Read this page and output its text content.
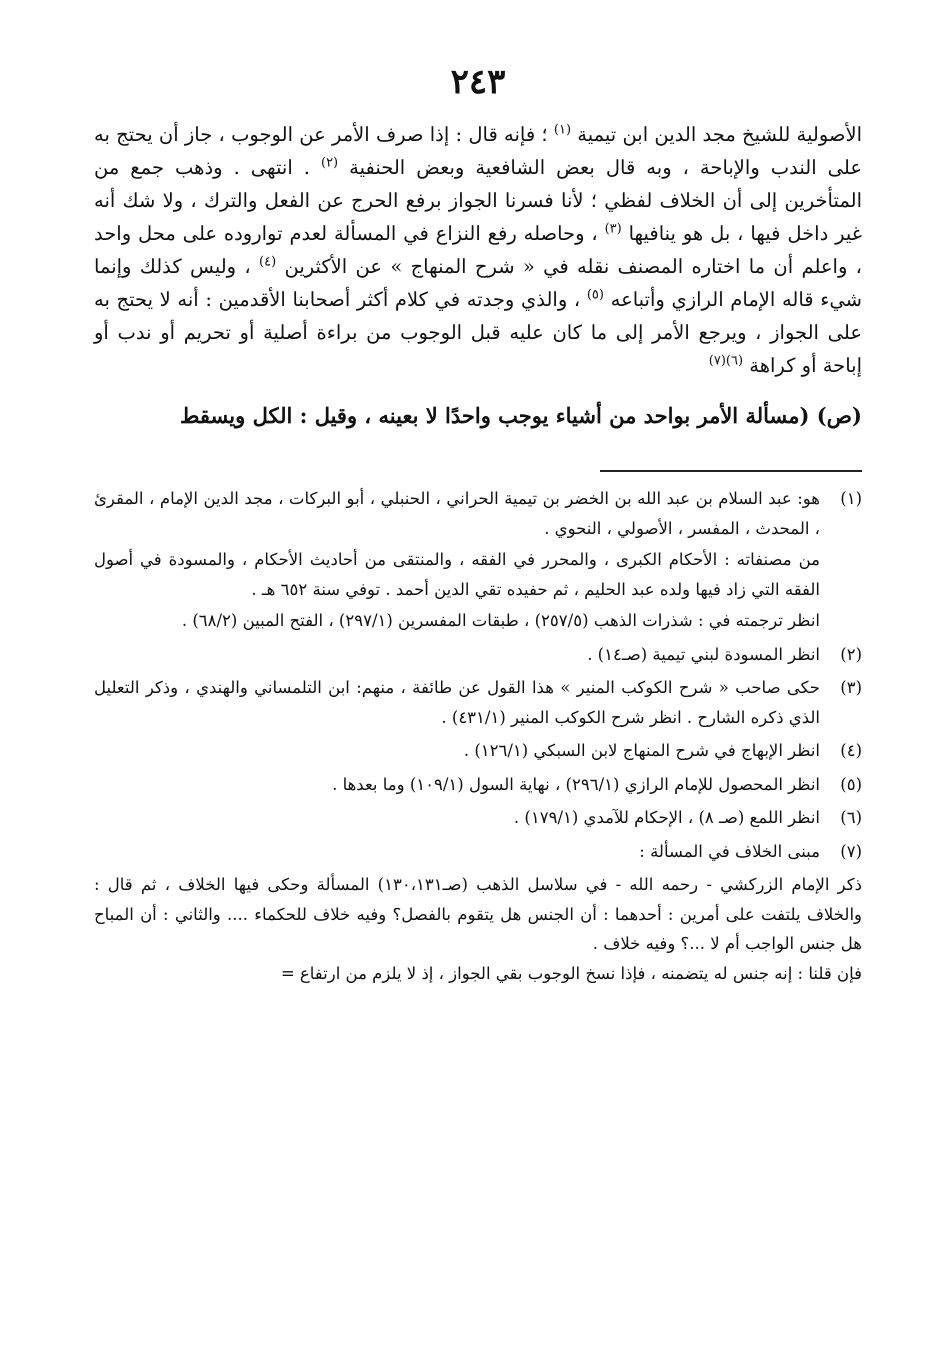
٢٤٣

الأصولية للشيخ مجد الدين ابن تيمية $^{(١)}$ ؛ فإنه قال : إذا صرف الأمر عن الوجوب ، جاز أن يحتج به على الندب والإباحة ، وبه قال بعض الشافعية وبعض الحنفية $^{(٢)}$ . انتهى . وذهب جمع من المتأخرين إلى أن الخلاف لفظي ؛ لأنا فسرنا الجواز برفع الحرج عن الفعل والترك ، ولا شك أنه غير داخل فيها ، بل هو ينافيها $^{(٣)}$ ، وحاصله رفع النزاع في المسألة لعدم تواروده على محل واحد ، واعلم أن ما اختاره المصنف نقله في « شرح المنهاج » عن الأكثرين $^{(٤)}$ ، وليس كذلك وإنما شيء قاله الإمام الرازي وأتباعه $^{(٥)}$ ، والذي وجدته في كلام أكثر أصحابنا الأقدمين : أنه لا يحتج به على الجواز ، ويرجع الأمر إلى ما كان عليه قبل الوجوب من براءة أصلية أو تحريم أو ندب أو إباحة أو كراهة $^{(٦)(٧)}$

(ص) (مسألة الأمر بواحد من أشياء يوجب واحدًا لا بعينه ، وقيل : الكل ويسقط
(١)

هو: عبد السلام بن عبد الله بن الخضر بن تيمية الحراني ، الحنبلي ، أبو البركات ، مجد الدين الإمام ، المقرئ ، المحدث ، المفسر ، الأصولي ، النحوي .

من مصنفاته : الأحكام الكبرى ، والمحرر في الفقه ، والمنتقى من أحاديث الأحكام ، والمسودة في أصول الفقه التي زاد فيها ولده عبد الحليم ، ثم حفيده تقي الدين أحمد . توفي سنة ٦٥٢ هـ .

انظر ترجمته في : شذرات الذهب (٢٥٧/٥) ، طبقات المفسرين (٢٩٧/١) ، الفتح المبين (٦٨/٢) .

(٢)

انظر المسودة لبني تيمية (صـ١٤) .

(٣)

حكى صاحب « شرح الكوكب المنير » هذا القول عن طائفة ، منهم: ابن التلمساني والهندي ، وذكر التعليل الذي ذكره الشارح . انظر شرح الكوكب المنير (٤٣١/١) .

(٤)

انظر الإبهاج في شرح المنهاج لابن السبكي (١٢٦/١) .

(٥)

انظر المحصول للإمام الرازي (٢٩٦/١) ، نهاية السول (١٠٩/١) وما بعدها .

(٦)

انظر اللمع (صـ ٨) ، الإحكام للآمدي (١٧٩/١) .

(٧)

مبنى الخلاف في المسألة :

ذكر الإمام الزركشي - رحمه الله - في سلاسل الذهب (صـ١٣٠،١٣١) المسألة وحكى فيها الخلاف ، ثم قال : والخلاف يلتفت على أمرين : أحدهما : أن الجنس هل يتقوم بالفصل؟ وفيه خلاف للحكماء .... والثاني : أن المباح هل جنس الواجب أم لا ...؟ وفيه خلاف .

فإن قلنا : إنه جنس له يتضمنه ، فإذا نسخ الوجوب بقي الجواز ، إذ لا يلزم من ارتفاع =
